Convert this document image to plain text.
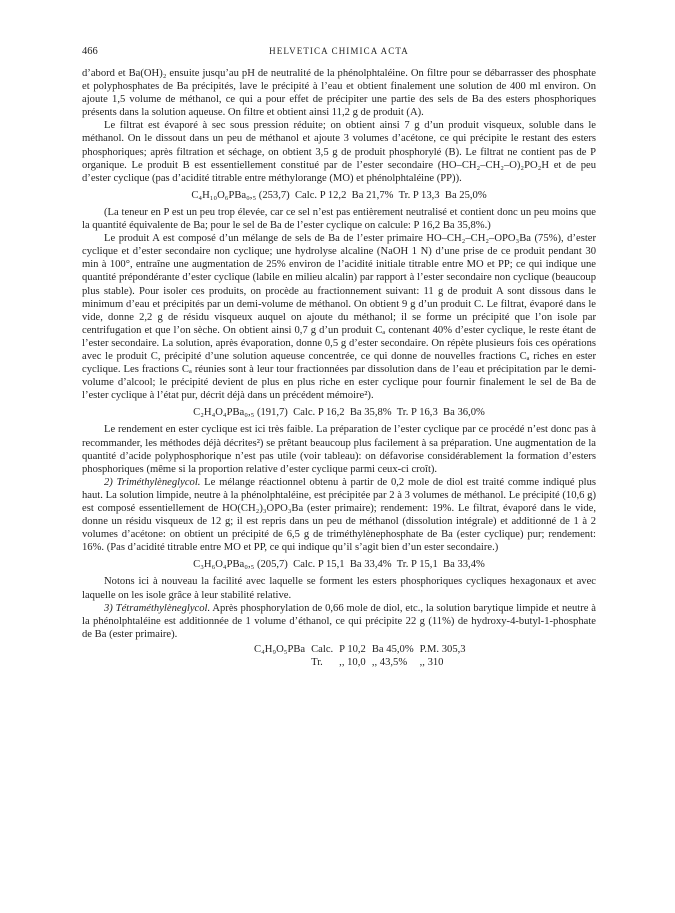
466	HELVETICA CHIMICA ACTA

d’abord et Ba(OH)₂ ensuite jusqu’au pH de neutralité de la phénolphtaléine. On filtre pour se débarrasser des phosphate et polyphosphates de Ba précipités, lave le précipité à l’eau et obtient finalement une solution de 400 ml environ. On ajoute 1,5 volume de méthanol, ce qui a pour effet de précipiter une partie des sels de Ba des esters phosphoriques présents dans la solution aqueuse. On filtre et obtient ainsi 11,2 g de produit (A).

Le filtrat est évaporé à sec sous pression réduite; on obtient ainsi 7 g d’un produit visqueux, soluble dans le méthanol. On le dissout dans un peu de méthanol et ajoute 3 volumes d’acétone, ce qui précipite le restant des esters phosphoriques; après filtration et séchage, on obtient 3,5 g de produit phosphorylé (B). Le filtrat ne contient pas de P organique. Le produit B est essentiellement constitué par de l’ester secondaire (HO–CH₂–CH₂–O)₂PO₂H et de peu d’ester cyclique (pas d’acidité titrable entre méthylorange (MO) et phénolphtaléine (PP)).

C₄H₁₀O₆PBa₀,₅ (253,7)  Calc. P 12,2  Ba 21,7%  Tr. P 13,3  Ba 25,0%

(La teneur en P est un peu trop élevée, car ce sel n’est pas entièrement neutralisé et contient donc un peu moins que la quantité équivalente de Ba; pour le sel de Ba de l’ester cyclique on calcule: P 16,2 Ba 35,8%.)

Le produit A est composé d’un mélange de sels de Ba de l’ester primaire HO–CH₂–CH₂–OPO₃Ba (75%), d’ester cyclique et d’ester secondaire non cyclique; une hydrolyse alcaline (NaOH 1 N) d’une prise de ce produit pendant 30 min à 100°, entraîne une augmentation de 25% environ de l’acidité initiale titrable entre MO et PP; ce qui indique une quantité prépondérante d’ester cyclique (labile en milieu alcalin) par rapport à l’ester secondaire non cyclique (beaucoup plus stable). Pour isoler ces produits, on procède au fractionnement suivant: 11 g de produit A sont dissous dans le minimum d’eau et précipités par un demi-volume de méthanol. On obtient 9 g d’un produit C. Le filtrat, évaporé dans le vide, donne 2,2 g de résidu visqueux auquel on ajoute du méthanol; il se forme un précipité que l’on isole par centrifugation et que l’on sèche. On obtient ainsi 0,7 g d’un produit Cₐ contenant 40% d’ester cyclique, le reste étant de l’ester secondaire. La solution, après évaporation, donne 0,5 g d’ester secondaire. On répète plusieurs fois ces opérations avec le produit C, précipité d’une solution aqueuse concentrée, ce qui donne de nouvelles fractions Cₐ riches en ester cyclique. Les fractions Cₐ réunies sont à leur tour fractionnées par dissolution dans de l’eau et précipitation par le demi-volume d’alcool; le précipité devient de plus en plus riche en ester cyclique pour fournir finalement le sel de Ba de l’ester cyclique à l’état pur, décrit déjà dans un précédent mémoire²).

C₂H₄O₄PBa₀,₅ (191,7)  Calc. P 16,2  Ba 35,8%  Tr. P 16,3  Ba 36,0%

Le rendement en ester cyclique est ici très faible. La préparation de l’ester cyclique par ce procédé n’est donc pas à recommander, les méthodes déjà décrites²) se prêtant beaucoup plus facilement à sa préparation. Une augmentation de la quantité d’acide polyphosphorique n’est pas utile (voir tableau): on défavorise considérablement la formation d’esters phosphoriques (même si la proportion relative d’ester cyclique parmi ceux-ci croît).

2) Triméthylèneglycol. Le mélange réactionnel obtenu à partir de 0,2 mole de diol est traité comme indiqué plus haut. La solution limpide, neutre à la phénolphtaléine, est précipitée par 2 à 3 volumes de méthanol. Le précipité (10,6 g) est composé essentiellement de HO(CH₂)₃OPO₃Ba (ester primaire); rendement: 19%. Le filtrat, évaporé dans le vide, donne un résidu visqueux de 12 g; il est repris dans un peu de méthanol (dissolution intégrale) et additionné de 1 à 2 volumes d’acétone: on obtient un précipité de 6,5 g de triméthylènephosphate de Ba (ester cyclique) pur; rendement: 16%. (Pas d’acidité titrable entre MO et PP, ce qui indique qu’il s’agit bien d’un ester secondaire.)

C₃H₆O₄PBa₀,₅ (205,7)  Calc. P 15,1  Ba 33,4%  Tr. P 15,1  Ba 33,4%

Notons ici à nouveau la facilité avec laquelle se forment les esters phosphoriques cycliques hexagonaux et avec laquelle on les isole grâce à leur stabilité relative.

3) Tétraméthylèneglycol. Après phosphorylation de 0,66 mole de diol, etc., la solution barytique limpide et neutre à la phénolphtaléine est additionnée de 1 volume d’éthanol, ce qui précipite 22 g (11%) de hydroxy-4-butyl-1-phosphate de Ba (ester primaire).

C₄H₉O₅PBa	Calc.	P 10,2	Ba 45,0%	P.M. 305,3
	Tr.	,, 10,0	,, 43,5%	,, 310
